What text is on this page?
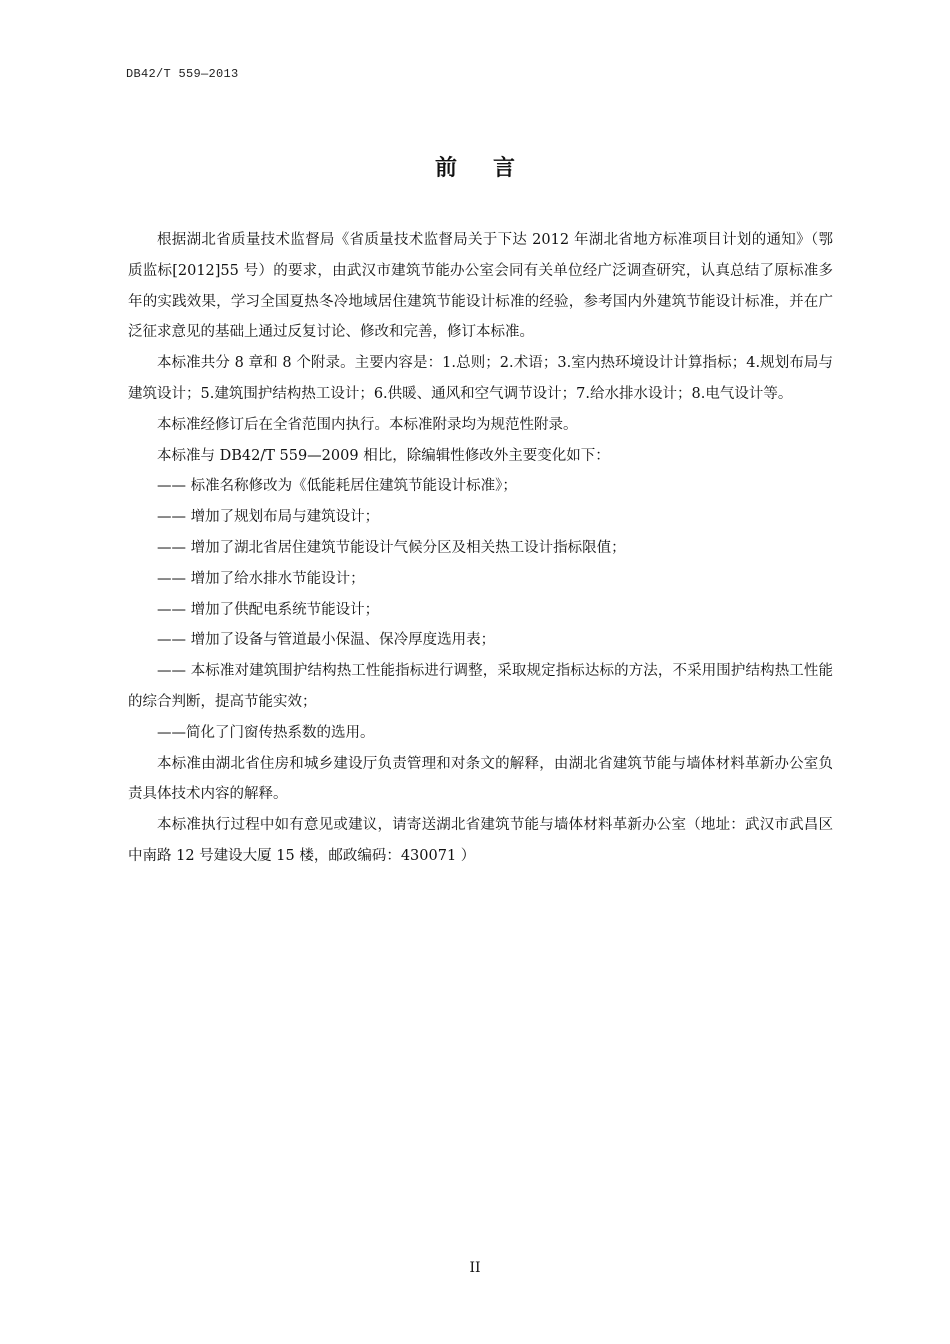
DB42/T 559—2013
前言

根据湖北省质量技术监督局《省质量技术监督局关于下达 2012 年湖北省地方标准项目计划的通知》（鄂质监标[2012]55 号）的要求，由武汉市建筑节能办公室会同有关单位经广泛调查研究，认真总结了原标准多年的实践效果，学习全国夏热冬冷地域居住建筑节能设计标准的经验，参考国内外建筑节能设计标准，并在广泛征求意见的基础上通过反复讨论、修改和完善，修订本标准。

本标准共分 8 章和 8 个附录。主要内容是：1.总则；2.术语；3.室内热环境设计计算指标；4.规划布局与建筑设计；5.建筑围护结构热工设计；6.供暖、通风和空气调节设计；7.给水排水设计；8.电气设计等。

本标准经修订后在全省范围内执行。本标准附录均为规范性附录。

本标准与 DB42/T 559—2009 相比，除编辑性修改外主要变化如下：

—— 标准名称修改为《低能耗居住建筑节能设计标准》；

—— 增加了规划布局与建筑设计；

—— 增加了湖北省居住建筑节能设计气候分区及相关热工设计指标限值；

—— 增加了给水排水节能设计；

—— 增加了供配电系统节能设计；

—— 增加了设备与管道最小保温、保冷厚度选用表；

—— 本标准对建筑围护结构热工性能指标进行调整，采取规定指标达标的方法，不采用围护结构热工性能的综合判断，提高节能实效；

——简化了门窗传热系数的选用。

本标准由湖北省住房和城乡建设厅负责管理和对条文的解释，由湖北省建筑节能与墙体材料革新办公室负责具体技术内容的解释。

本标准执行过程中如有意见或建议，请寄送湖北省建筑节能与墙体材料革新办公室（地址：武汉市武昌区中南路 12 号建设大厦 15 楼，邮政编码：430071 ）

II
